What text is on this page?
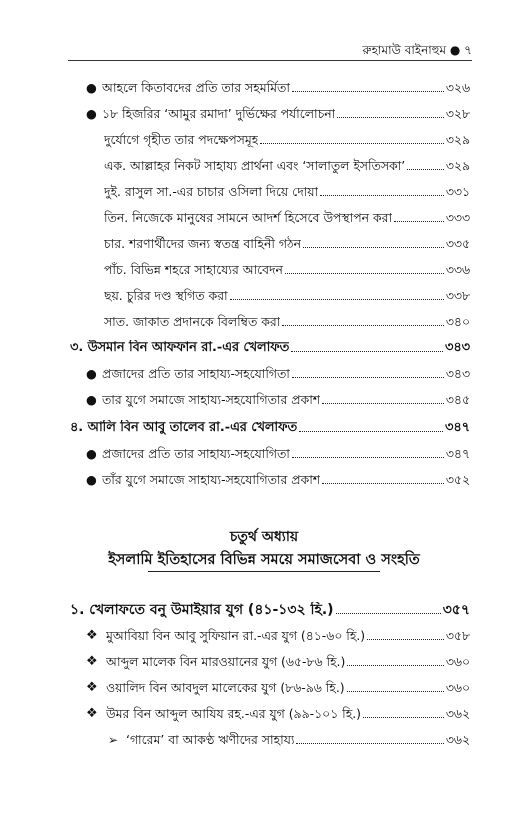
রুহামাউ বাইনাহুম ● ৭
● আহলে কিতাবদের প্রতি তার সহমর্মিতা	৩২৬
● ১৮ হিজরির ‘আমুর রমাদা’ দুর্ভিক্ষের পর্যালোচনা	৩২৮
দুর্যোগে গৃহীত তার পদক্ষেপসমূহ	৩২৯
এক. আল্লাহর নিকট সাহায্য প্রার্থনা এবং ‘সালাতুল ইসতিসকা’	৩২৯
দুই. রাসুল সা.-এর চাচার ওসিলা দিয়ে দোয়া	৩৩১
তিন. নিজেকে মানুষের সামনে আদর্শ হিসেবে উপস্থাপন করা	৩৩৩
চার. শরণার্থীদের জন্য স্বতন্ত্র বাহিনী গঠন	৩৩৫
পাঁচ. বিভিন্ন শহরে সাহায্যের আবেদন	৩৩৬
ছয়. চুরির দণ্ড স্থগিত করা	৩৩৮
সাত. জাকাত প্রদানকে বিলম্বিত করা	৩৪০
৩. উসমান বিন আফফান রা.-এর খেলাফত	৩৪৩
● প্রজাদের প্রতি তার সাহায্য-সহযোগিতা	৩৪৩
● তার যুগে সমাজে সাহায্য-সহযোগিতার প্রকাশ	৩৪৫
৪. আলি বিন আবু তালেব রা.-এর খেলাফত	৩৪৭
● প্রজাদের প্রতি তার সাহায্য-সহযোগিতা	৩৪৭
● তাঁর যুগে সমাজে সাহায্য-সহযোগিতার প্রকাশ	৩৫২
১. খেলাফতে বনু উমাইয়ার যুগ (৪১-১৩২ হি.)	৩৫৭
❖ মুআবিয়া বিন আবু সুফিয়ান রা.-এর যুগ (৪১-৬০ হি.)	৩৫৮
❖ আব্দুল মালেক বিন মারওয়ানের যুগ (৬৫-৮৬ হি.)	৩৬০
❖ ওয়ালিদ বিন আবদুল মালেকের যুগ (৮৬-৯৬ হি.)	৩৬০
❖ উমর বিন আব্দুল আযিয রহ.-এর যুগ (৯৯-১০১ হি.)	৩৬২
➢ ‘গারেম’ বা আকণ্ঠ ঋণীদের সাহায্য	৩৬২
চতুর্থ অধ্যায়
ইসলামি ইতিহাসের বিভিন্ন সময়ে সমাজসেবা ও সংহতি
